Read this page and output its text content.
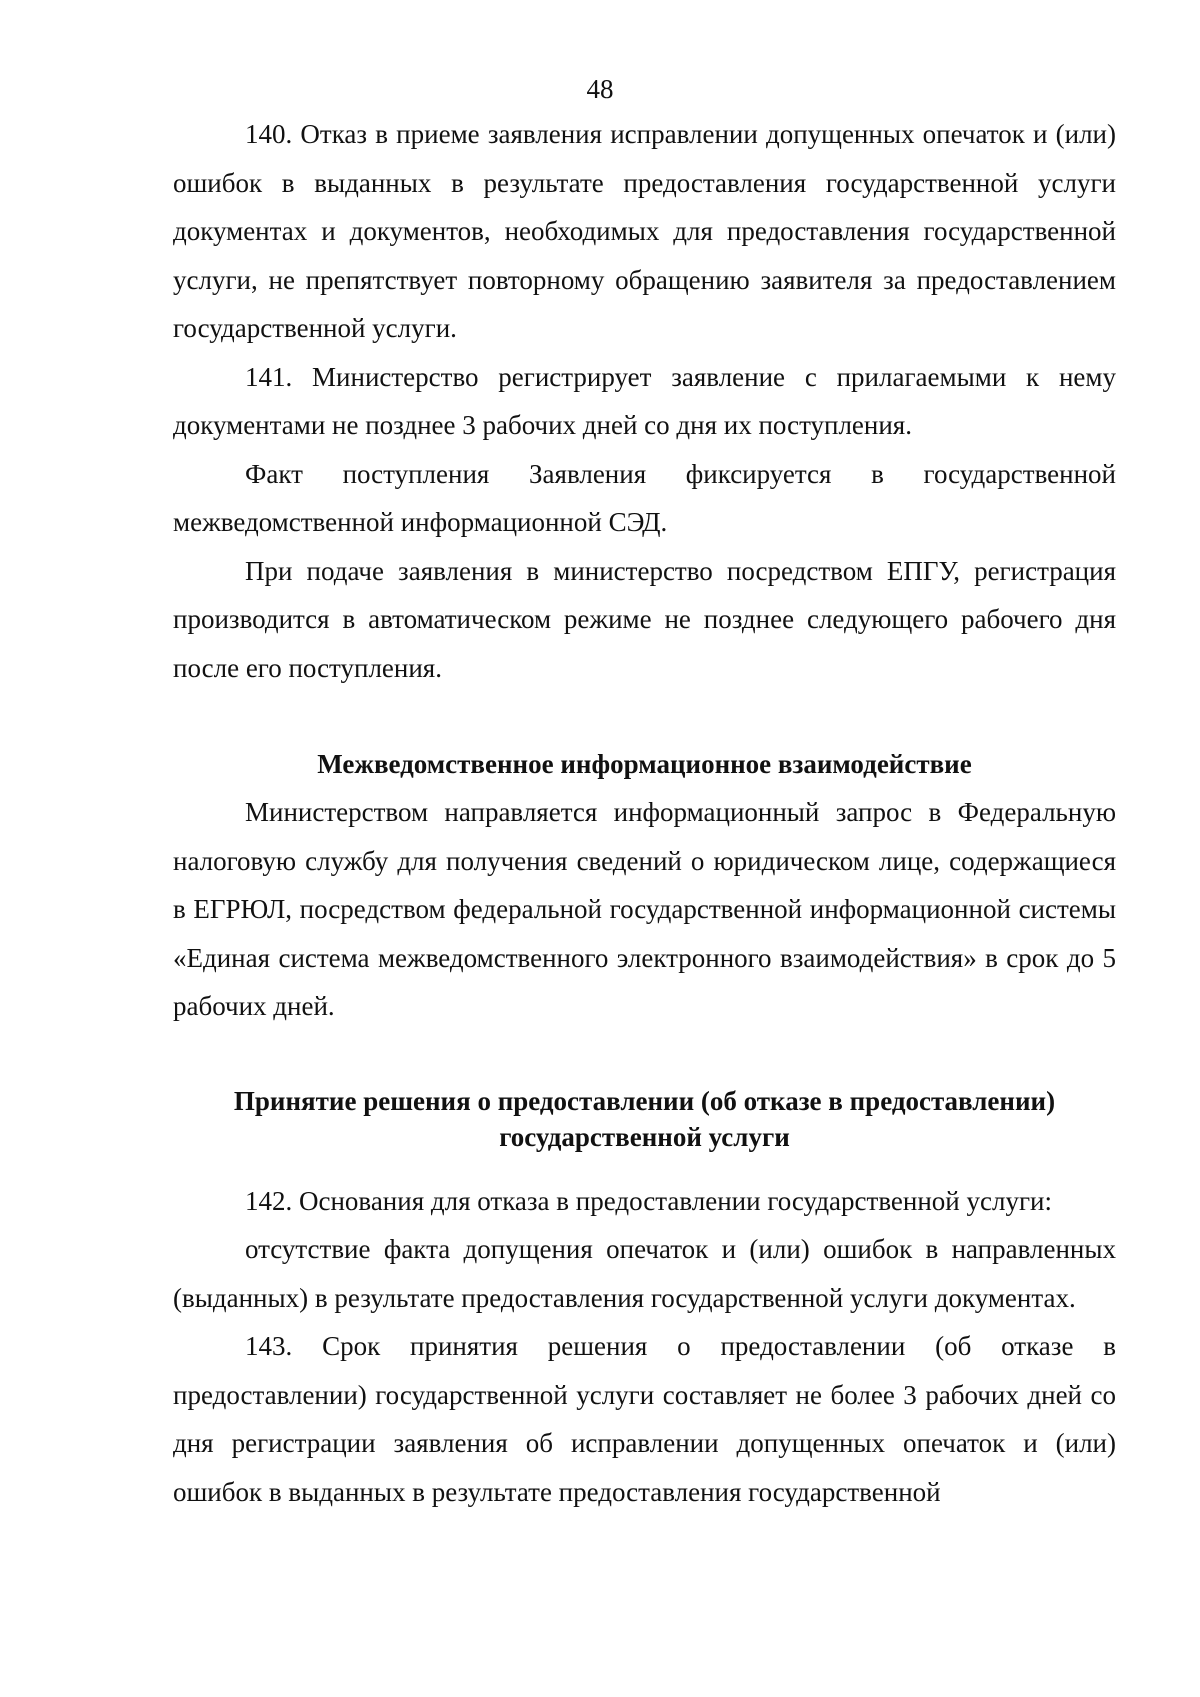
48

140. Отказ в приеме заявления исправлении допущенных опечаток и (или) ошибок в выданных в результате предоставления государственной услуги документах и документов, необходимых для предоставления государственной услуги, не препятствует повторному обращению заявителя за предоставлением государственной услуги.

141. Министерство регистрирует заявление с прилагаемыми к нему документами не позднее 3 рабочих дней со дня их поступления.

Факт поступления Заявления фиксируется в государственной межведомственной информационной СЭД.

При подаче заявления в министерство посредством ЕПГУ, регистрация производится в автоматическом режиме не позднее следующего рабочего дня после его поступления.

Межведомственное информационное взаимодействие

Министерством направляется информационный запрос в Федеральную налоговую службу для получения сведений о юридическом лице, содержащиеся в ЕГРЮЛ, посредством федеральной государственной информационной системы «Единая система межведомственного электронного взаимодействия» в срок до 5 рабочих дней.

Принятие решения о предоставлении (об отказе в предоставлении)

государственной услуги

142. Основания для отказа в предоставлении государственной услуги:

отсутствие факта допущения опечаток и (или) ошибок в направленных (выданных) в результате предоставления государственной услуги документах.

143. Срок принятия решения о предоставлении (об отказе в предоставлении) государственной услуги составляет не более 3 рабочих дней со дня регистрации заявления об исправлении допущенных опечаток и (или) ошибок в выданных в результате предоставления государственной
